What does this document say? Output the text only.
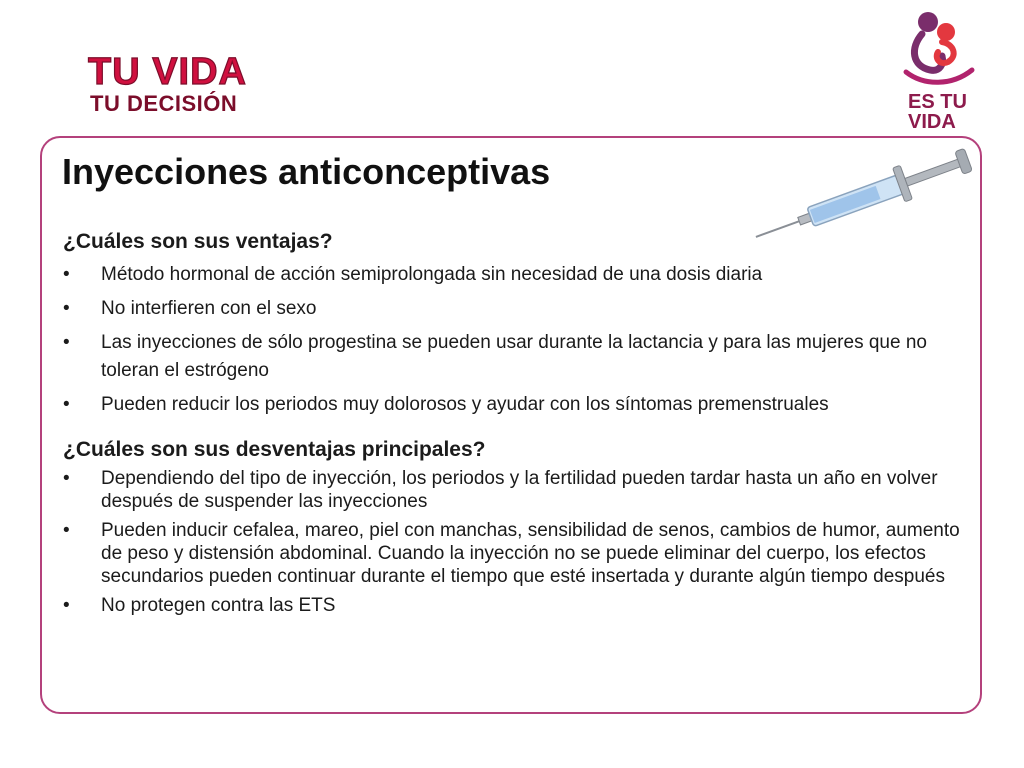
TU VIDA
TU DECISIÓN	ES TU
VIDA
Inyecciones anticonceptivas
¿Cuáles son sus ventajas?
• Método hormonal de acción semiprolongada sin necesidad de una dosis diaria
• No interfieren con el sexo
• Las inyecciones de sólo progestina se pueden usar durante la lactancia y para las mujeres que no toleran el estrógeno
• Pueden reducir los periodos muy dolorosos y ayudar con los síntomas premenstruales
¿Cuáles son sus desventajas principales?
• Dependiendo del tipo de inyección, los periodos y la fertilidad pueden tardar hasta un año en volver después de suspender las inyecciones
• Pueden inducir cefalea, mareo, piel con manchas, sensibilidad de senos, cambios de humor, aumento de peso y distensión abdominal. Cuando la inyección no se puede eliminar del cuerpo, los efectos secundarios pueden continuar durante el tiempo que esté insertada y durante algún tiempo después
• No protegen contra las ETS
